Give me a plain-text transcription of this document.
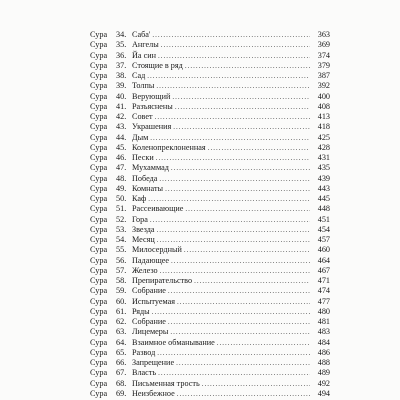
Сура	34. Саба' .....	363
Сура	35. Ангелы .....	369
Сура	36. Йа син .....	374
Сура	37. Стоящие в ряд .....	379
Сура	38. Сад .....	387
Сура	39. Толпы .....	392
Сура	40. Верующий .....	400
Сура	41. Разъяснены .....	408
Сура	42. Совет .....	413
Сура	43. Украшения .....	418
Сура	44. Дым .....	425
Сура	45. Коленопреклоненная .....	428
Сура	46. Пески .....	431
Сура	47. Мухаммад .....	435
Сура	48. Победа .....	439
Сура	49. Комнаты .....	443
Сура	50. Каф .....	445
Сура	51. Рассеивающие .....	448
Сура	52. Гора .....	451
Сура	53. Звезда .....	454
Сура	54. Месяц .....	457
Сура	55. Милосердный .....	460
Сура	56. Падающее .....	464
Сура	57. Железо .....	467
Сура	58. Препирательство .....	471
Сура	59. Собрание .....	474
Сура	60. Испытуемая .....	477
Сура	61. Ряды .....	480
Сура	62. Собрание .....	481
Сура	63. Лицемеры .....	483
Сура	64. Взаимное обманывание .....	484
Сура	65. Развод .....	486
Сура	66. Запрещение .....	488
Сура	67. Власть .....	489
Сура	68. Письменная трость .....	492
Сура	69. Неизбежное .....	494
